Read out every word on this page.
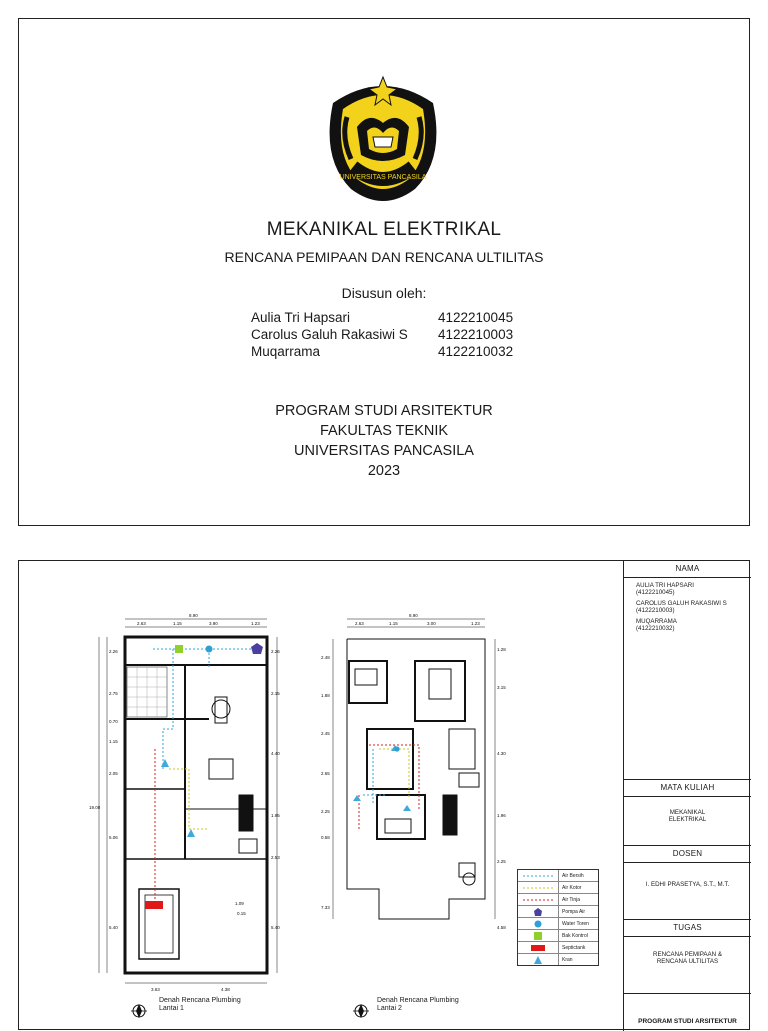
UNIVERSITAS PANCASILA
MEKANIKAL ELEKTRIKAL
RENCANA PEMIPAAN DAN RENCANA ULTILITAS
Disusun oleh:
Aulia Tri Hapsari	4122210045
Carolus Galuh Rakasiwi S	4122210003
Muqarrama	4122210032
PROGRAM STUDI ARSITEKTUR
FAKULTAS TEKNIK
UNIVERSITAS PANCASILA
2023
8.90
2.63	1.15	3.90	1.23
19.00
2.26
2.75
0.70
1.15
2.05
5.06
5.40
2.26
2.15
4.40
1.95
2.53
5.40
3.63	4.38
1.09
0.15
Denah Rencana Plumbing
Lantai 1
8.90
2.63	1.15	3.00	1.23
2.48
1.88
2.45
2.65
2.25
0.58
7.33
1.28
3.15
4.30
1.96
2.25
4.58
Denah Rencana Plumbing
Lantai 2
Air Bersih
Air Kotor
Air Tinja
Pompa Air
Water Toren
Bak Kontrol
Septictank
Kran
NAMA
AULIA TRI HAPSARI
(4122210045)
CAROLUS GALUH RAKASIWI S
(4122210003)
MUQARRAMA
(4122210032)
MATA KULIAH
MEKANIKAL
ELEKTRIKAL
DOSEN
I. EDHI PRASETYA, S.T., M.T.
TUGAS
RENCANA PEMIPAAN &
RENCANA ULTILITAS
PROGRAM STUDI ARSITEKTUR
